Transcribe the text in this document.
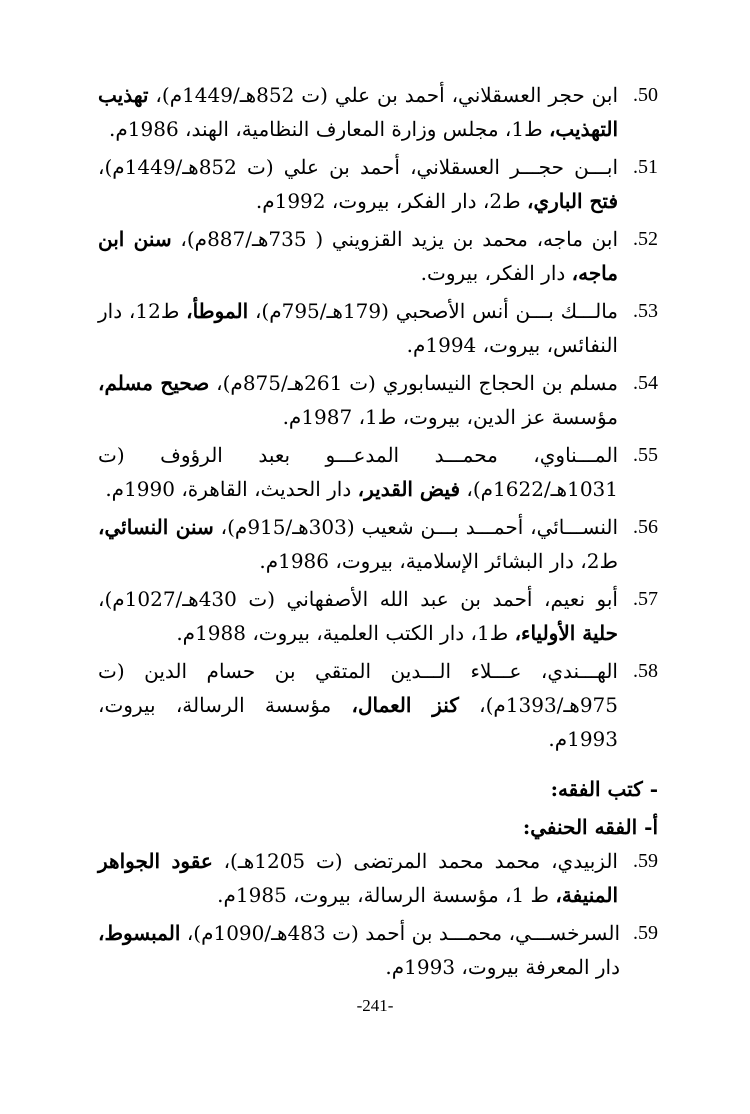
.50

ابن حجر العسقلاني، أحمد بن علي (ت 852هـ/1449م)، تهذيب التهذيب، ط1، مجلس وزارة المعارف النظامية، الهند، 1986م.

.51

ابـــن حجـــر العسقلاني، أحمد بن علي (ت 852هـ/1449م)، فتح الباري، ط2، دار الفكر، بيروت، 1992م.

.52

ابن ماجه، محمد بن يزيد القزويني ( 735هـ/887م)، سنن ابن ماجه، دار الفكر، بيروت.

.53

مالـــك بـــن أنس الأصحبي (179هـ/795م)، الموطأ، ط12، دار النفائس، بيروت، 1994م.

.54

مسلم بن الحجاج النيسابوري (ت 261هـ/875م)، صحيح مسلم، مؤسسة عز الدين، بيروت، ط1، 1987م.

.55

المـــناوي، محمـــد المدعـــو بعبد الرؤوف (ت 1031هـ/1622م)، فيض القدير، دار الحديث، القاهرة، 1990م.

.56

النســـائي، أحمـــد بـــن شعيب (303هـ/915م)، سنن النسائي، ط2، دار البشائر الإسلامية، بيروت، 1986م.

.57

أبو نعيم، أحمد بن عبد الله الأصفهاني (ت 430هـ/1027م)، حلية الأولياء، ط1، دار الكتب العلمية، بيروت، 1988م.

.58

الهـــندي، عـــلاء الـــدين المتقي بن حسام الدين (ت 975هـ/1393م)، كنز العمال، مؤسسة الرسالة، بيروت، 1993م.

- كتب الفقه:
أ- الفقه الحنفي:
.59

الزبيدي، محمد محمد المرتضى (ت 1205هـ)، عقود الجواهر المنيفة، ط 1، مؤسسة الرسالة، بيروت، 1985م.

.59

السرخســـي، محمـــد بن أحمد (ت 483هـ/1090م)، المبسوط، دار المعرفة بيروت، 1993م.

-241-
